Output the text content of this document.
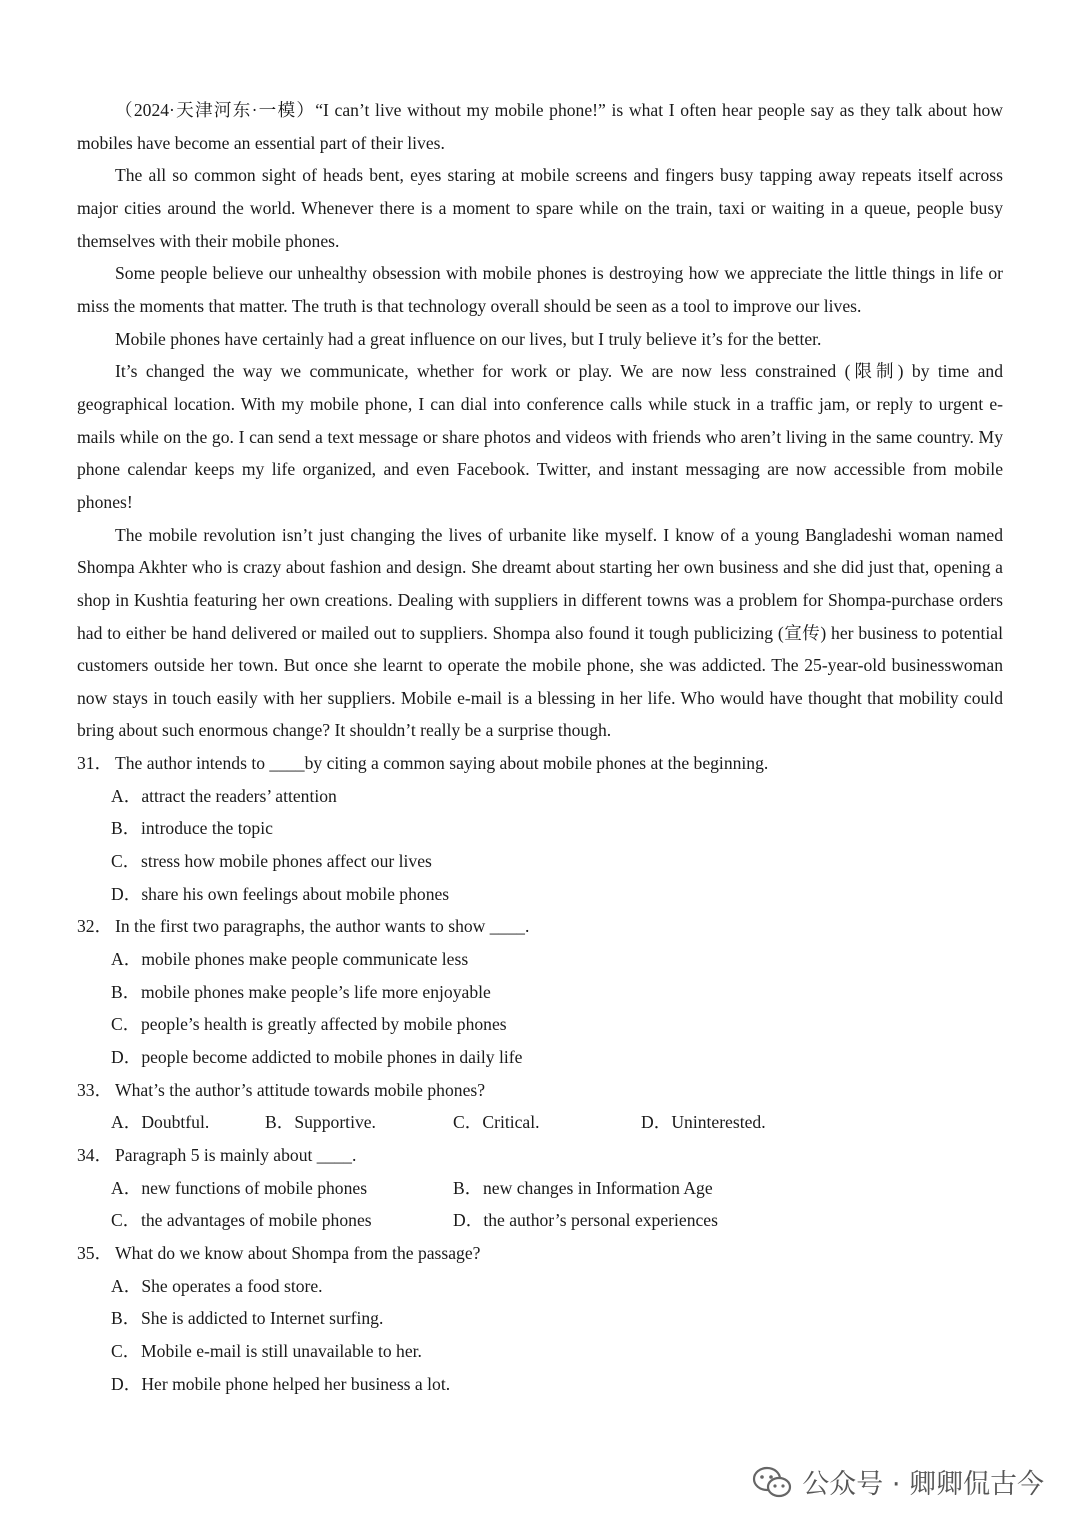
（2024·天津河东·一模）“I can’t live without my mobile phone!” is what I often hear people say as they talk about how mobiles have become an essential part of their lives.

The all so common sight of heads bent, eyes staring at mobile screens and fingers busy tapping away repeats itself across major cities around the world. Whenever there is a moment to spare while on the train, taxi or waiting in a queue, people busy themselves with their mobile phones.

Some people believe our unhealthy obsession with mobile phones is destroying how we appreciate the little things in life or miss the moments that matter. The truth is that technology overall should be seen as a tool to improve our lives.

Mobile phones have certainly had a great influence on our lives, but I truly believe it’s for the better.

It’s changed the way we communicate, whether for work or play. We are now less constrained (限制) by time and geographical location. With my mobile phone, I can dial into conference calls while stuck in a traffic jam, or reply to urgent e-mails while on the go. I can send a text message or share photos and videos with friends who aren’t living in the same country. My phone calendar keeps my life organized, and even Facebook. Twitter, and instant messaging are now accessible from mobile phones!

The mobile revolution isn’t just changing the lives of urbanite like myself. I know of a young Bangladeshi woman named Shompa Akhter who is crazy about fashion and design. She dreamt about starting her own business and she did just that, opening a shop in Kushtia featuring her own creations. Dealing with suppliers in different towns was a problem for Shompa-purchase orders had to either be hand delivered or mailed out to suppliers. Shompa also found it tough publicizing (宣传) her business to potential customers outside her town. But once she learnt to operate the mobile phone, she was addicted. The 25-year-old businesswoman now stays in touch easily with her suppliers. Mobile e-mail is a blessing in her life. Who would have thought that mobility could bring about such enormous change? It shouldn’t really be a surprise though.

31． The author intends to ____by citing a common saying about mobile phones at the beginning.

A．attract the readers’ attention

B．introduce the topic

C．stress how mobile phones affect our lives

D．share his own feelings about mobile phones

32． In the first two paragraphs, the author wants to show ____.

A．mobile phones make people communicate less

B．mobile phones make people’s life more enjoyable

C．people’s health is greatly affected by mobile phones

D．people become addicted to mobile phones in daily life

33． What’s the author’s attitude towards mobile phones?

A．Doubtful.	B．Supportive.	C．Critical.	D．Uninterested.

34． Paragraph 5 is mainly about ____.

A．new functions of mobile phones	B．new changes in Information Age
C．the advantages of mobile phones	D．the author’s personal experiences

35． What do we know about Shompa from the passage?

A．She operates a food store.

B．She is addicted to Internet surfing.

C．Mobile e-mail is still unavailable to her.

D．Her mobile phone helped her business a lot.

公众号 · 卿卿侃古今
